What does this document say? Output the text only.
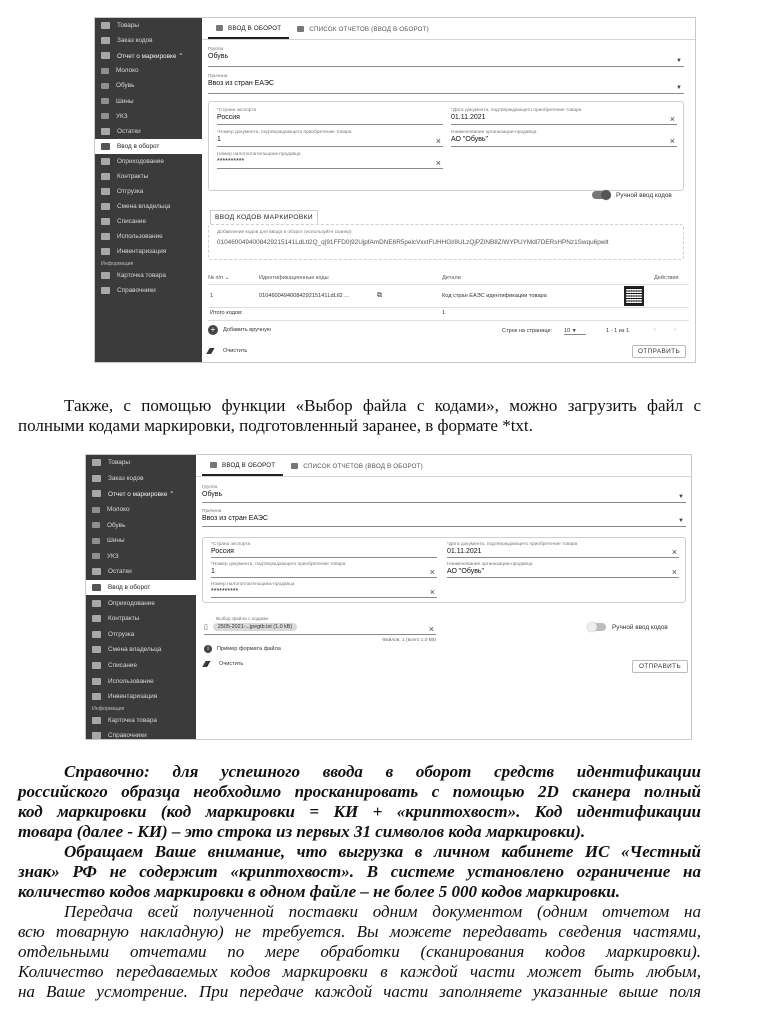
Товары
Заказ кодов
Отчет о маркировке ⌃
Молоко
Обувь
Шины
УКЗ
Остатки
Ввод в оборот
Оприходование
Контракты
Отгрузка
Смена владельца
Списание
Использование
Инвентаризация
Информация
Карточка товара
Справочники
ВВОД В ОБОРОТ	СПИСОК ОТЧЕТОВ (ВВОД В ОБОРОТ)
Группа
Обувь
▼
Причина
Ввоз из стран ЕАЭС
▼
*Страна экспорта
Россия
*Дата документа, подтверждающего приобретение товара
01.11.2021	×
*Номер документа, подтверждающего приобретение товара
1	×
Наименование организации-продавца
АО "Обувь"	×
Номер налогоплательщика-продавца
**********	×
Ручной ввод кодов
ВВОД КОДОВ МАРКИРОВКИ
Добавление кодов для ввода в оборот (используйте сканер)
0104600494008429215141LdLtl2Q_q|91FFD0|92UjpfAmDNE6R5pelcVxxtFUHHGl/8ULzQjPZlNB8Z/WYPUYMdl7DERsHPNz1Swqu6pwlt
№ п/п ⌄	Идентификационные коды	Детали	Действия
1	0104600494008429215141LdLtl2 ...	⧉	Код стран ЕАЭС идентификации товара
Итого кодов:	1
+	Добавить вручную	Строк на странице: 10 ▼	1 - 1 из 1	‹	›
Очистить	ОТПРАВИТЬ
Также, с помощью функции «Выбор файла с кодами», можно загрузить файл с
полными кодами маркировки, подготовленный заранее, в формате *txt.
Товары
Заказ кодов
Отчет о маркировке ⌃
Молоко
Обувь
Шины
УКЗ
Остатки
Ввод в оборот
Оприходование
Контракты
Отгрузка
Смена владельца
Списание
Использование
Инвентаризация
Информация
Карточка товара
Справочники
ВВОД В ОБОРОТ	СПИСОК ОТЧЕТОВ (ВВОД В ОБОРОТ)
Группа
Обувь	▼
Причина
Ввоз из стран ЕАЭС	▼
*Страна экспорта
Россия
*Дата документа, подтверждающего приобретение товара
01.11.2021	×
*Номер документа, подтверждающего приобретение товара
1	×
Наименование организации-продавца
АО "Обувь"	×
Номер налогоплательщика-продавца
**********	×
Выбор файла с кодами
▯	2505-2021-...jpegtb.txt (1.0 kB)	×
Файлов: 1 (всего 1.0 kB)
Ручной ввод кодов
i	Пример формата файла
Очистить	ОТПРАВИТЬ
Справочно: для успешного ввода в оборот средств идентификации
российского образца необходимо просканировать с помощью 2D сканера полный
код маркировки (код маркировки = КИ + «криптохвост». Код идентификации
товара (далее - КИ) – это строка из первых 31 символов кода маркировки).
Обращаем Ваше внимание, что выгрузка в личном кабинете ИС «Честный
знак» РФ не содержит «криптохвост». В системе установлено ограничение на
количество кодов маркировки в одном файле – не более 5 000 кодов маркировки.
Передача всей полученной поставки одним документом (одним отчетом на
всю товарную накладную) не требуется. Вы можете передавать сведения частями,
отдельными отчетами по мере обработки (сканирования кодов маркировки).
Количество передаваемых кодов маркировки в каждой части может быть любым,
на Ваше усмотрение. При передаче каждой части заполняете указанные выше поля
